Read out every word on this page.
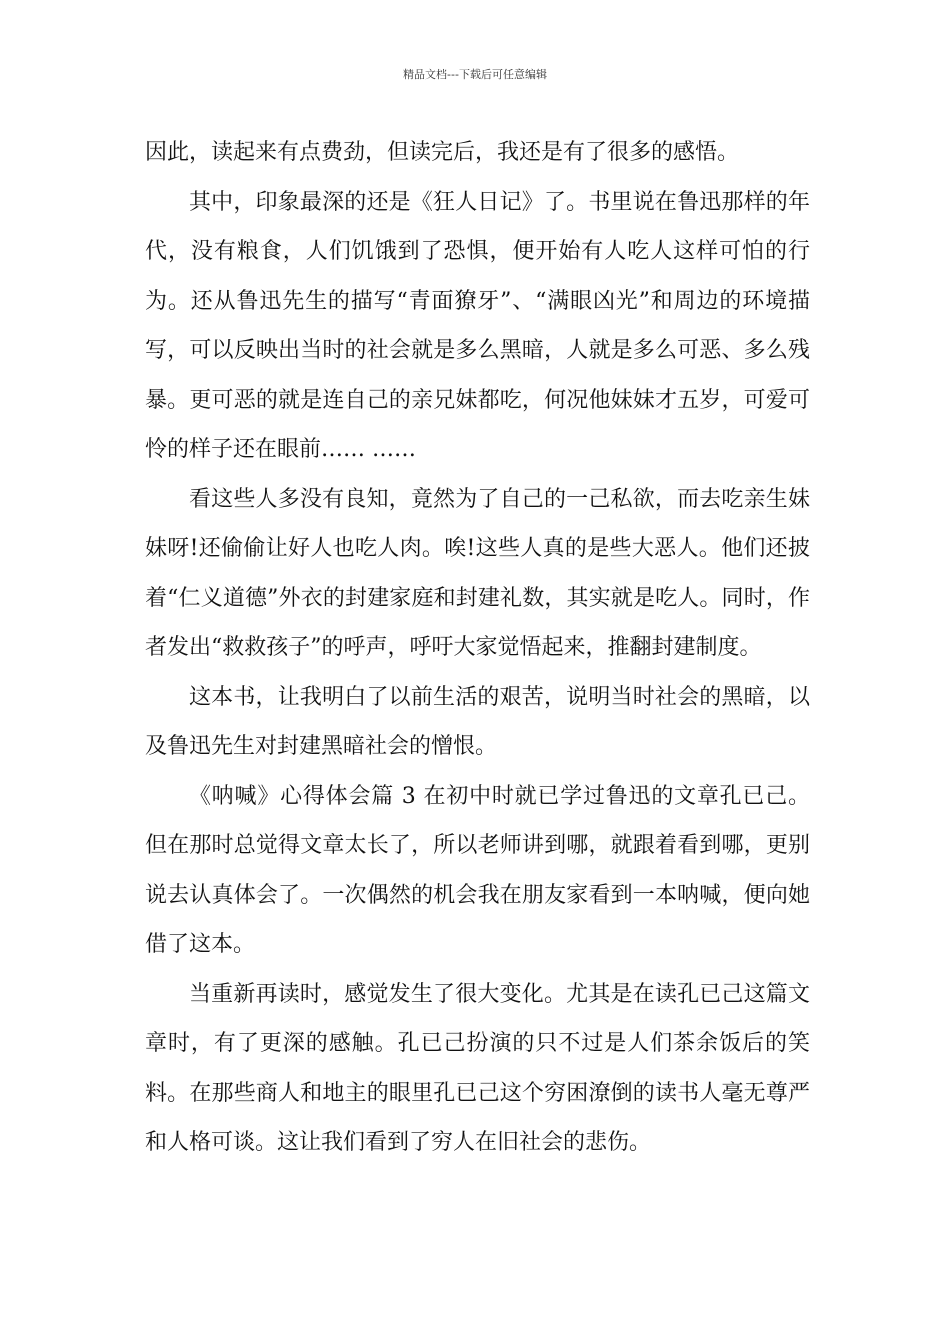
精品文档---下载后可任意编辑

因此，读起来有点费劲，但读完后，我还是有了很多的感悟。

其中，印象最深的还是《狂人日记》了。书里说在鲁迅那样的年代，没有粮食，人们饥饿到了恐惧，便开始有人吃人这样可怕的行为。还从鲁迅先生的描写“青面獠牙”、“满眼凶光”和周边的环境描写，可以反映出当时的社会就是多么黑暗，人就是多么可恶、多么残暴。更可恶的就是连自己的亲兄妹都吃，何况他妹妹才五岁，可爱可怜的样子还在眼前…… ……

看这些人多没有良知，竟然为了自己的一己私欲，而去吃亲生妹妹呀!还偷偷让好人也吃人肉。唉!这些人真的是些大恶人。他们还披着“仁义道德”外衣的封建家庭和封建礼数，其实就是吃人。同时，作者发出“救救孩子”的呼声，呼吁大家觉悟起来，推翻封建制度。

这本书，让我明白了以前生活的艰苦，说明当时社会的黑暗，以及鲁迅先生对封建黑暗社会的憎恨。

《呐喊》心得体会篇 3 在初中时就已学过鲁迅的文章孔已己。但在那时总觉得文章太长了，所以老师讲到哪，就跟着看到哪，更别说去认真体会了。一次偶然的机会我在朋友家看到一本呐喊，便向她借了这本。

当重新再读时，感觉发生了很大变化。尤其是在读孔已己这篇文章时，有了更深的感触。孔已己扮演的只不过是人们茶余饭后的笑料。在那些商人和地主的眼里孔已己这个穷困潦倒的读书人毫无尊严和人格可谈。这让我们看到了穷人在旧社会的悲伤。
